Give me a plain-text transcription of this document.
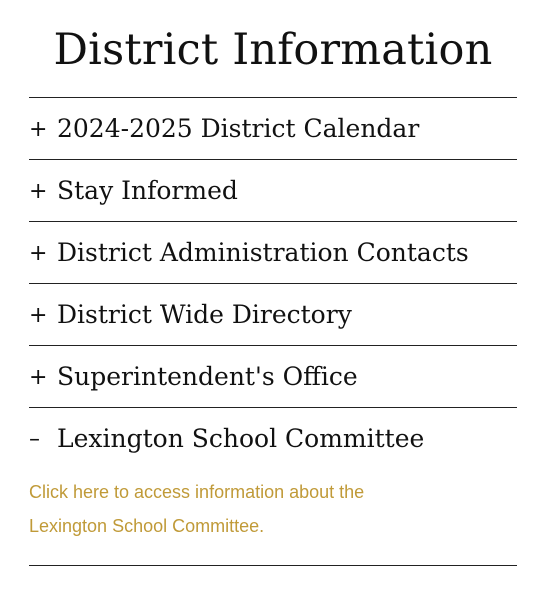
District Information
+ 2024-2025 District Calendar
+ Stay Informed
+ District Administration Contacts
+ District Wide Directory
+ Superintendent's Office
– Lexington School Committee

Click here to access information about the Lexington School Committee.
